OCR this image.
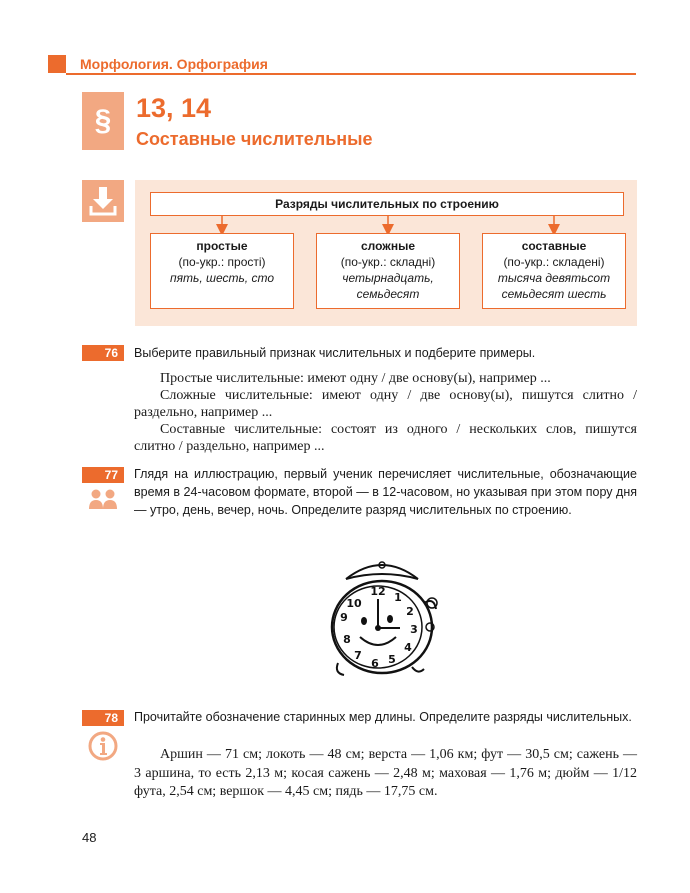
Морфология. Орфография
§ 13, 14
Составные числительные
Разряды числительных по строению
простые
(по-укр.: прості)
пять, шесть, сто
сложные
(по-укр.: складні)
четырнадцать,
семьдесят
составные
(по-укр.: складені)
тысяча девятьсот
семьдесят шесть
76	Выберите правильный признак числительных и подберите примеры.

Простые числительные: имеют одну / две основу(ы), например ...

Сложные числительные: имеют одну / две основу(ы), пишутся слитно / раздельно, например ...

Составные числительные: состоят из одного / нескольких слов, пишутся слитно / раздельно, например ...

77	Глядя на иллюстрацию, первый ученик перечисляет числительные, обозначающие время в 24-часовом формате, второй — в 12-часовом, но указывая при этом пору дня — утро, день, вечер, ночь. Определите разряд числительных по строению.
12 1
2
3
4
5
6
7
8
9
10
78	Прочитайте обозначение старинных мер длины. Определите разряды числительных.

Аршин — 71 см; локоть — 48 см; верста — 1,06 км; фут — 30,5 см; сажень — 3 аршина, то есть 2,13 м; косая сажень — 2,48 м; маховая — 1,76 м; дюйм — 1/12 фута, 2,54 см; вершок — 4,45 см; пядь — 17,75 см.

48
